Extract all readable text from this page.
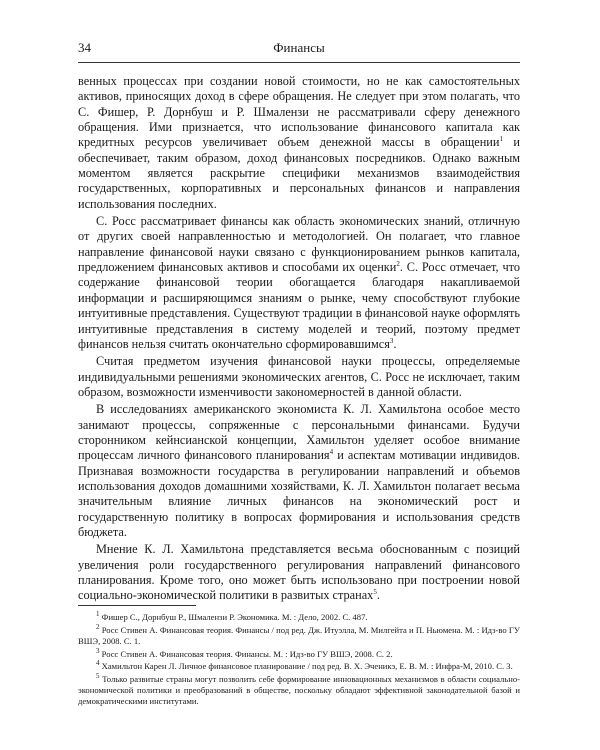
34	Финансы

венных процессах при создании новой стоимости, но не как самостоятельных активов, приносящих доход в сфере обращения. Не следует при этом полагать, что С. Фишер, Р. Дорнбуш и Р. Шмалензи не рассматривали сферу денежного обращения. Ими признается, что использование финансового капитала как кредитных ресурсов увеличивает объем денежной массы в обращении$^1$ и обеспечивает, таким образом, доход финансовых посредников. Однако важным моментом является раскрытие специфики механизмов взаимодействия государственных, корпоративных и персональных финансов и направления использования последних.

С. Росс рассматривает финансы как область экономических знаний, отличную от других своей направленностью и методологией. Он полагает, что главное направление финансовой науки связано с функционированием рынков капитала, предложением финансовых активов и способами их оценки$^2$. С. Росс отмечает, что содержание финансовой теории обогащается благодаря накапливаемой информации и расширяющимся знаниям о рынке, чему способствуют глубокие интуитивные представления. Существуют традиции в финансовой науке оформлять интуитивные представления в систему моделей и теорий, поэтому предмет финансов нельзя считать окончательно сформировавшимся$^3$.

Считая предметом изучения финансовой науки процессы, определяемые индивидуальными решениями экономических агентов, С. Росс не исключает, таким образом, возможности изменчивости закономерностей в данной области.

В исследованиях американского экономиста К. Л. Хамильтона особое место занимают процессы, сопряженные с персональными финансами. Будучи сторонником кейнсианской концепции, Хамильтон уделяет особое внимание процессам личного финансового планирования$^4$ и аспектам мотивации индивидов. Признавая возможности государства в регулировании направлений и объемов использования доходов домашними хозяйствами, К. Л. Хамильтон полагает весьма значительным влияние личных финансов на экономический рост и государственную политику в вопросах формирования и использования средств бюджета.

Мнение К. Л. Хамильтона представляется весьма обоснованным с позиций увеличения роли государственного регулирования направлений финансового планирования. Кроме того, оно может быть использовано при построении новой социально-экономической политики в развитых странах$^5$.

$^1$ Фишер С., Дорнбуш Р., Шмалензи Р. Экономика. М. : Дело, 2002. С. 487.

$^2$ Росс Стивен А. Финансовая теория. Финансы / под ред. Дж. Итуэлла, М. Милгейта и П. Ньюмена. М. : Идз-во ГУ ВШЭ, 2008. С. 1.

$^3$ Росс Стивен А. Финансовая теория. Финансы. М. : Идз-во ГУ ВШЭ, 2008. С. 2.

$^4$ Хамильтон Карен Л. Личное финансовое планирование / под ред. В. Х. Эченикэ, Е. В. М. : Инфра-М, 2010. С. 3.

$^5$ Только развитые страны могут позволить себе формирование инновационных механизмов в области социально-экономической политики и преобразований в обществе, поскольку обладают эффективной законодательной базой и демократическими институтами.
